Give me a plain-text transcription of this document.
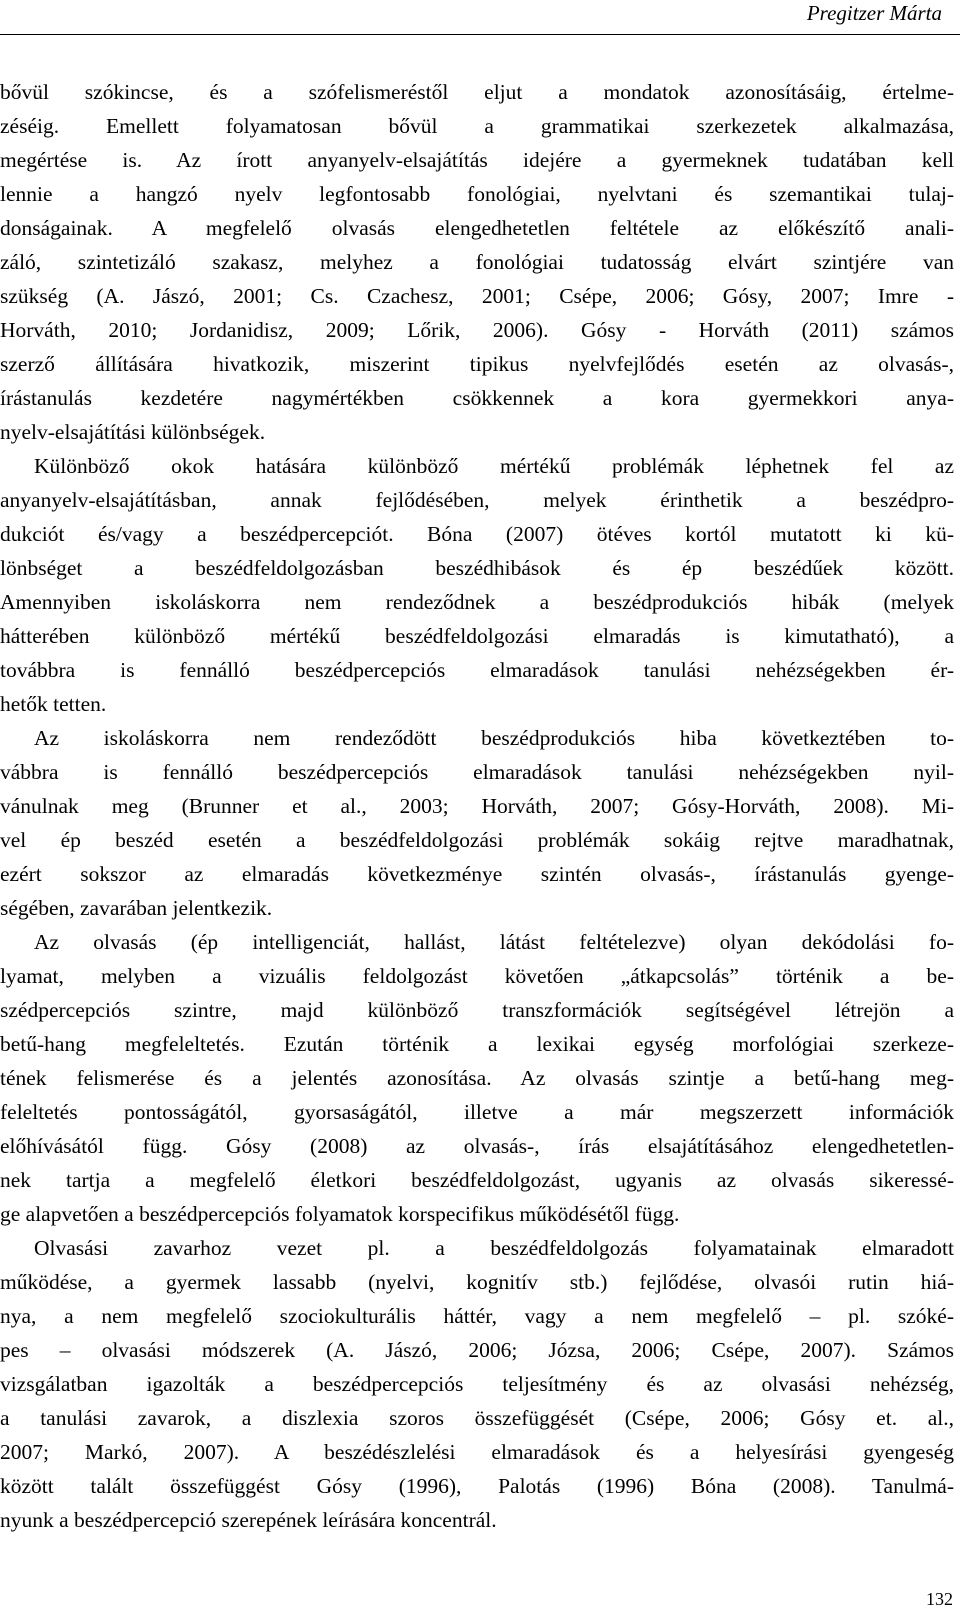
Pregitzer Márta
bővül szókincse, és a szófelismeréstől eljut a mondatok azonosításáig, értelme-
zéséig. Emellett folyamatosan bővül a grammatikai szerkezetek alkalmazása,
megértése is. Az írott anyanyelv-elsajátítás idejére a gyermeknek tudatában kell
lennie a hangzó nyelv legfontosabb fonológiai, nyelvtani és szemantikai tulaj-
donságainak. A megfelelő olvasás elengedhetetlen feltétele az előkészítő anali-
záló, szintetizáló szakasz, melyhez a fonológiai tudatosság elvárt szintjére van
szükség (A. Jászó, 2001; Cs. Czachesz, 2001; Csépe, 2006; Gósy, 2007; Imre -
Horváth, 2010; Jordanidisz, 2009; Lőrik, 2006). Gósy - Horváth (2011) számos
szerző állítására hivatkozik, miszerint tipikus nyelvfejlődés esetén az olvasás-,
írástanulás kezdetére nagymértékben csökkennek a kora gyermekkori anya-
nyelv-elsajátítási különbségek.
Különböző okok hatására különböző mértékű problémák léphetnek fel az
anyanyelv-elsajátításban, annak fejlődésében, melyek érinthetik a beszédpro-
dukciót és/vagy a beszédpercepciót. Bóna (2007) ötéves kortól mutatott ki kü-
lönbséget a beszédfeldolgozásban beszédhibások és ép beszédűek között.
Amennyiben iskoláskorra nem rendeződnek a beszédprodukciós hibák (melyek
hátterében különböző mértékű beszédfeldolgozási elmaradás is kimutatható), a
továbbra is fennálló beszédpercepciós elmaradások tanulási nehézségekben ér-
hetők tetten.
Az iskoláskorra nem rendeződött beszédprodukciós hiba következtében to-
vábbra is fennálló beszédpercepciós elmaradások tanulási nehézségekben nyil-
vánulnak meg (Brunner et al., 2003; Horváth, 2007; Gósy-Horváth, 2008). Mi-
vel ép beszéd esetén a beszédfeldolgozási problémák sokáig rejtve maradhatnak,
ezért sokszor az elmaradás következménye szintén olvasás-, írástanulás gyenge-
ségében, zavarában jelentkezik.
Az olvasás (ép intelligenciát, hallást, látást feltételezve) olyan dekódolási fo-
lyamat, melyben a vizuális feldolgozást követően „átkapcsolás” történik a be-
szédpercepciós szintre, majd különböző transzformációk segítségével létrejön a
betű-hang megfeleltetés. Ezután történik a lexikai egység morfológiai szerkeze-
tének felismerése és a jelentés azonosítása. Az olvasás szintje a betű-hang meg-
feleltetés pontosságától, gyorsaságától, illetve a már megszerzett információk
előhívásától függ. Gósy (2008) az olvasás-, írás elsajátításához elengedhetetlen-
nek tartja a megfelelő életkori beszédfeldolgozást, ugyanis az olvasás sikeressé-
ge alapvetően a beszédpercepciós folyamatok korspecifikus működésétől függ.
Olvasási zavarhoz vezet pl. a beszédfeldolgozás folyamatainak elmaradott
működése, a gyermek lassabb (nyelvi, kognitív stb.) fejlődése, olvasói rutin hiá-
nya, a nem megfelelő szociokulturális háttér, vagy a nem megfelelő – pl. szóké-
pes – olvasási módszerek (A. Jászó, 2006; Józsa, 2006; Csépe, 2007). Számos
vizsgálatban igazolták a beszédpercepciós teljesítmény és az olvasási nehézség,
a tanulási zavarok, a diszlexia szoros összefüggését (Csépe, 2006; Gósy et. al.,
2007; Markó, 2007). A beszédészlelési elmaradások és a helyesírási gyengeség
között talált összefüggést Gósy (1996), Palotás (1996) Bóna (2008). Tanulmá-
nyunk a beszédpercepció szerepének leírására koncentrál.
132
